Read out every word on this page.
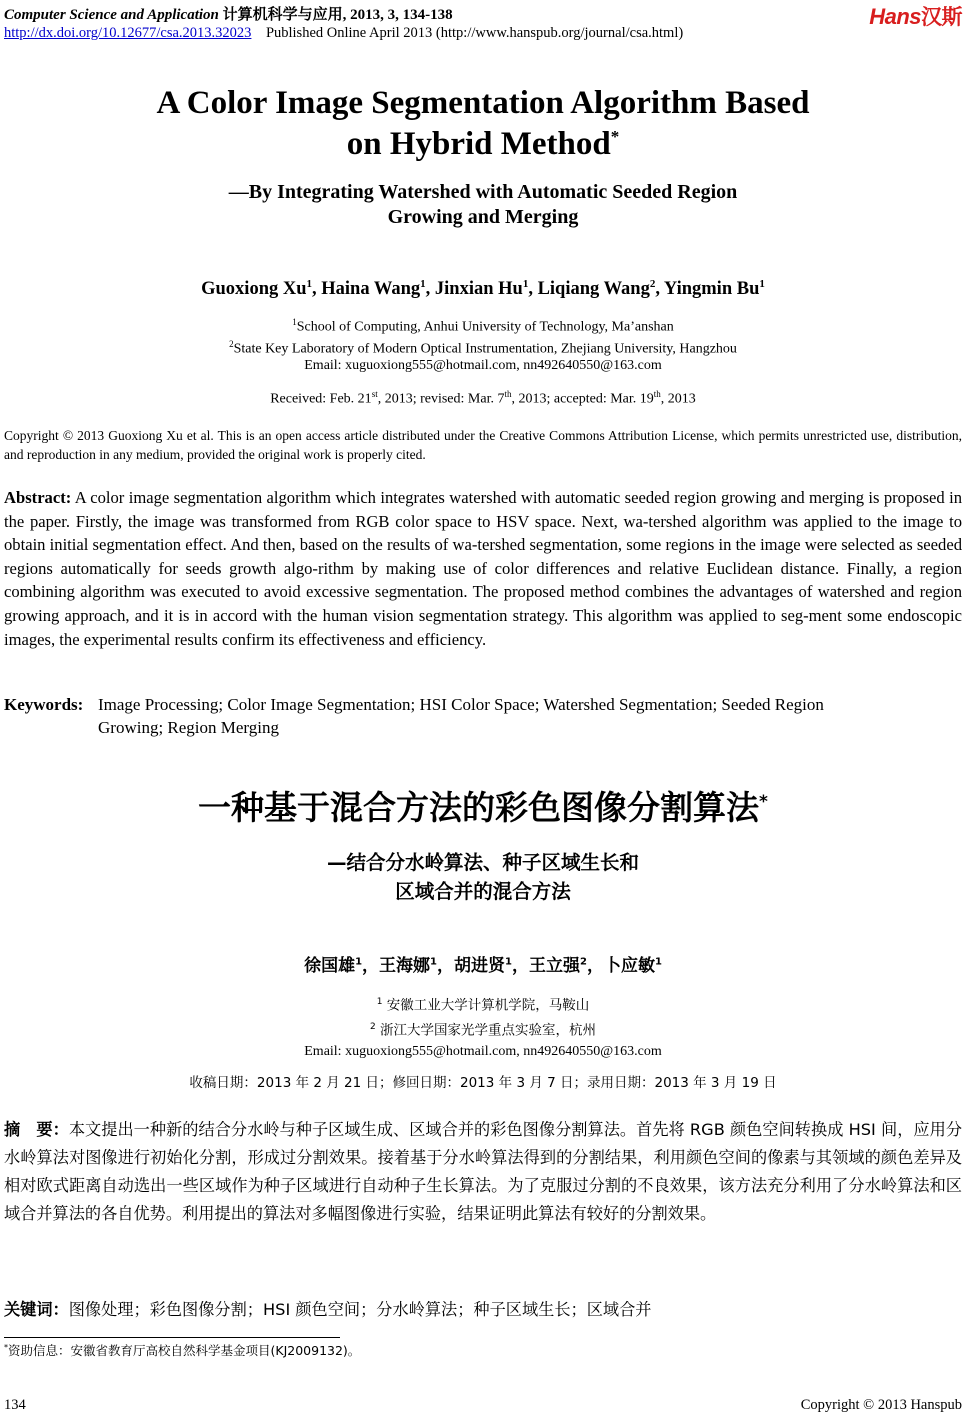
Computer Science and Application 计算机科学与应用, 2013, 3, 134-138
http://dx.doi.org/10.12677/csa.2013.32023 Published Online April 2013 (http://www.hanspub.org/journal/csa.html)
Hans汉斯
A Color Image Segmentation Algorithm Based
on Hybrid Method*
—By Integrating Watershed with Automatic Seeded Region
Growing and Merging
Guoxiong Xu$^1$, Haina Wang$^1$, Jinxian Hu$^1$, Liqiang Wang$^2$, Yingmin Bu$^1$
$^1$School of Computing, Anhui University of Technology, Ma’anshan
$^2$State Key Laboratory of Modern Optical Instrumentation, Zhejiang University, Hangzhou
Email: xuguoxiong555@hotmail.com, nn492640550@163.com
Received: Feb. 21st, 2013; revised: Mar. 7th, 2013; accepted: Mar. 19th, 2013
Copyright © 2013 Guoxiong Xu et al. This is an open access article distributed under the Creative Commons Attribution License, which permits unrestricted use, distribution, and reproduction in any medium, provided the original work is properly cited.
Abstract: A color image segmentation algorithm which integrates watershed with automatic seeded region growing and merging is proposed in the paper. Firstly, the image was transformed from RGB color space to HSV space. Next, wa-tershed algorithm was applied to the image to obtain initial segmentation effect. And then, based on the results of wa-tershed segmentation, some regions in the image were selected as seeded regions automatically for seeds growth algo-rithm by making use of color differences and relative Euclidean distance. Finally, a region combining algorithm was executed to avoid excessive segmentation. The proposed method combines the advantages of watershed and region growing approach, and it is in accord with the human vision segmentation strategy. This algorithm was applied to seg-ment some endoscopic images, the experimental results confirm its effectiveness and efficiency.
Keywords: Image Processing; Color Image Segmentation; HSI Color Space; Watershed Segmentation; Seeded Region
Growing; Region Merging
一种基于混合方法的彩色图像分割算法*
—结合分水岭算法、种子区域生长和
区域合并的混合方法
徐国雄$^1$，王海娜$^1$，胡进贤$^1$，王立强$^2$，卜应敏$^1$
$^1$ 安徽工业大学计算机学院，马鞍山
$^2$ 浙江大学国家光学重点实验室，杭州
Email: xuguoxiong555@hotmail.com, nn492640550@163.com
收稿日期：2013 年 2 月 21 日；修回日期：2013 年 3 月 7 日；录用日期：2013 年 3 月 19 日
摘　要：本文提出一种新的结合分水岭与种子区域生成、区域合并的彩色图像分割算法。首先将 RGB 颜色空间转换成 HSI 间，应用分水岭算法对图像进行初始化分割，形成过分割效果。接着基于分水岭算法得到的分割结果，利用颜色空间的像素与其领域的颜色差异及相对欧式距离自动选出一些区域作为种子区域进行自动种子生长算法。为了克服过分割的不良效果，该方法充分利用了分水岭算法和区域合并算法的各自优势。利用提出的算法对多幅图像进行实验，结果证明此算法有较好的分割效果。
关键词：图像处理；彩色图像分割；HSI 颜色空间；分水岭算法；种子区域生长；区域合并
*资助信息：安徽省教育厅高校自然科学基金项目(KJ2009132)。
134	Copyright © 2013 Hanspub
